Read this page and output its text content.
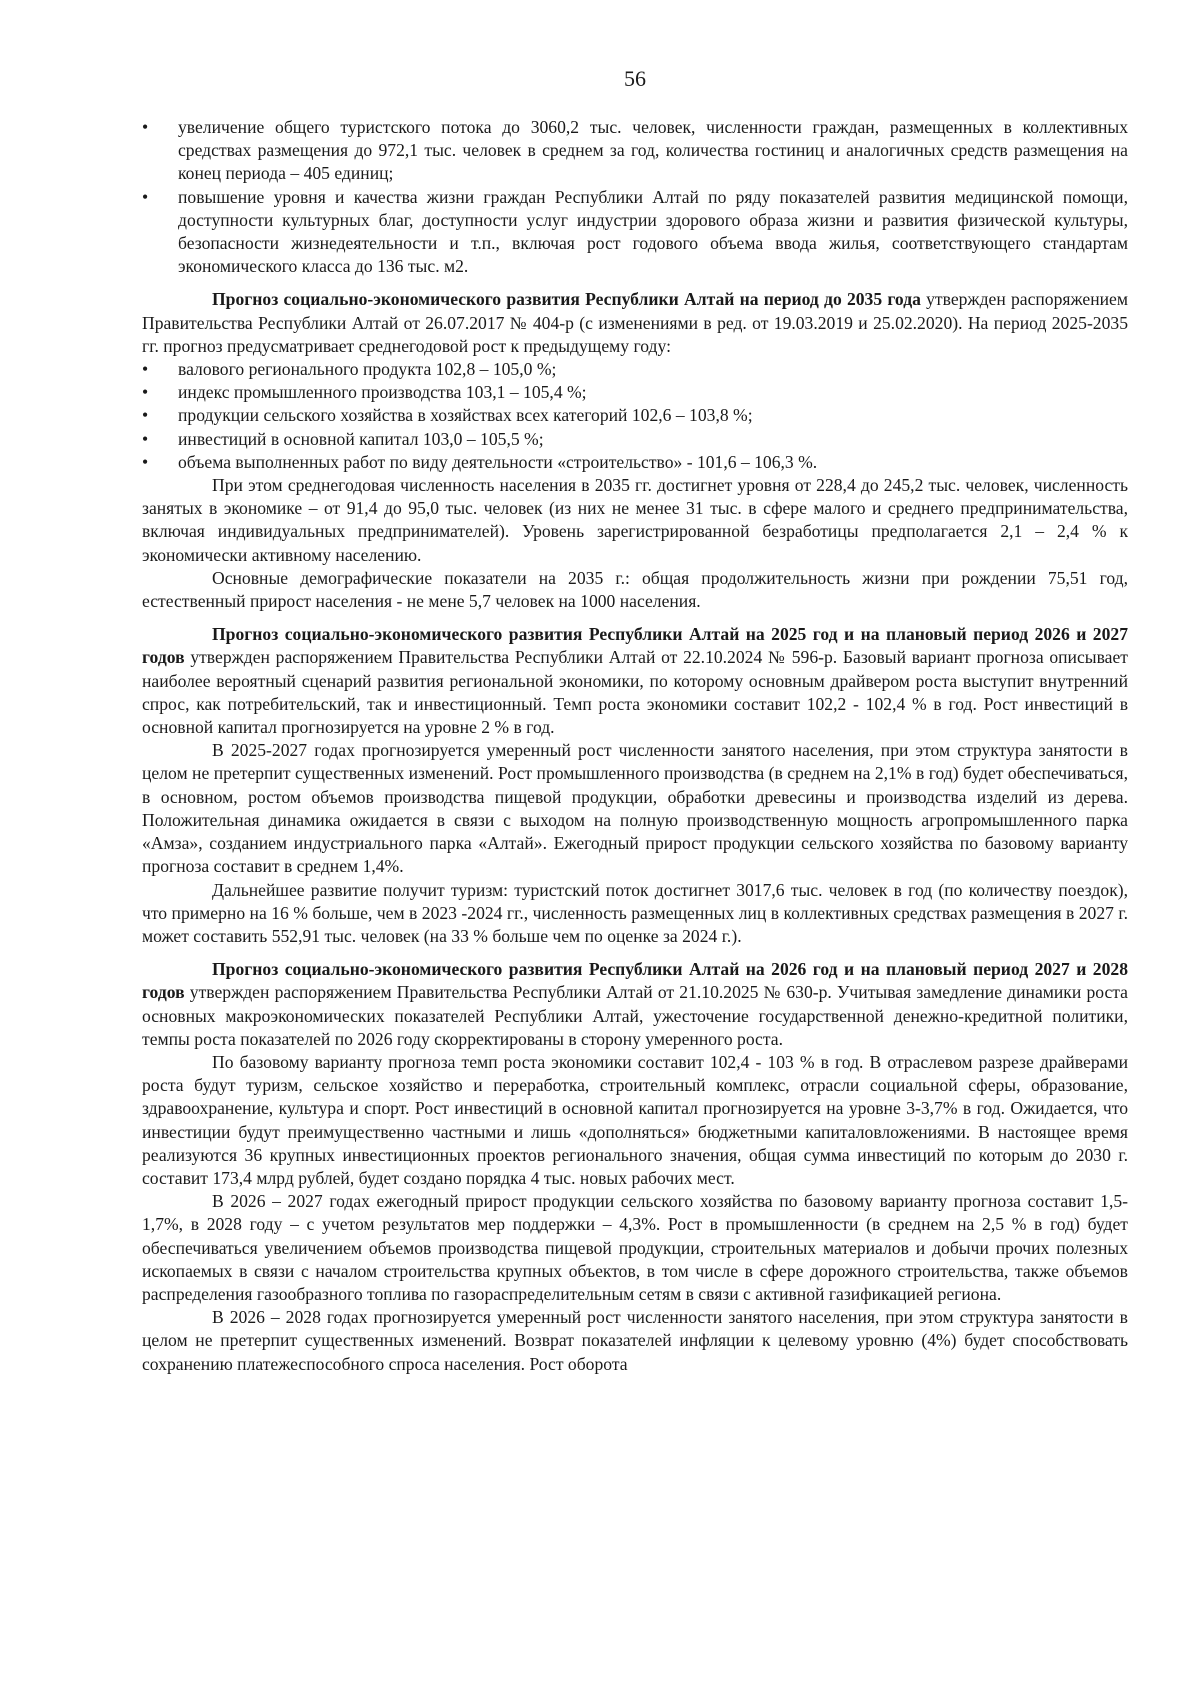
56
• увеличение общего туристского потока до 3060,2 тыс. человек, численности граждан, размещенных в коллективных средствах размещения до 972,1 тыс. человек в среднем за год, количества гостиниц и аналогичных средств размещения на конец периода – 405 единиц;
• повышение уровня и качества жизни граждан Республики Алтай по ряду показателей развития медицинской помощи, доступности культурных благ, доступности услуг индустрии здорового образа жизни и развития физической культуры, безопасности жизнедеятельности и т.п., включая рост годового объема ввода жилья, соответствующего стандартам экономического класса до 136 тыс. м2.

Прогноз социально-экономического развития Республики Алтай на период до 2035 года утвержден распоряжением Правительства Республики Алтай от 26.07.2017 № 404-р (с изменениями в ред. от 19.03.2019 и 25.02.2020). На период 2025-2035 гг. прогноз предусматривает среднегодовой рост к предыдущему году:

• валового регионального продукта 102,8 – 105,0 %;
• индекс промышленного производства 103,1 – 105,4 %;
• продукции сельского хозяйства в хозяйствах всех категорий 102,6 – 103,8 %;
• инвестиций в основной капитал 103,0 – 105,5 %;
• объема выполненных работ по виду деятельности «строительство» - 101,6 – 106,3 %.

При этом среднегодовая численность населения в 2035 гг. достигнет уровня от 228,4 до 245,2 тыс. человек, численность занятых в экономике – от 91,4 до 95,0 тыс. человек (из них не менее 31 тыс. в сфере малого и среднего предпринимательства, включая индивидуальных предпринимателей). Уровень зарегистрированной безработицы предполагается 2,1 – 2,4 % к экономически активному населению.

Основные демографические показатели на 2035 г.: общая продолжительность жизни при рождении 75,51 год, естественный прирост населения - не мене 5,7 человек на 1000 населения.

Прогноз социально-экономического развития Республики Алтай на 2025 год и на плановый период 2026 и 2027 годов утвержден распоряжением Правительства Республики Алтай от 22.10.2024 № 596-р. Базовый вариант прогноза описывает наиболее вероятный сценарий развития региональной экономики, по которому основным драйвером роста выступит внутренний спрос, как потребительский, так и инвестиционный. Темп роста экономики составит 102,2 - 102,4 % в год. Рост инвестиций в основной капитал прогнозируется на уровне 2 % в год.

В 2025-2027 годах прогнозируется умеренный рост численности занятого населения, при этом структура занятости в целом не претерпит существенных изменений. Рост промышленного производства (в среднем на 2,1% в год) будет обеспечиваться, в основном, ростом объемов производства пищевой продукции, обработки древесины и производства изделий из дерева. Положительная динамика ожидается в связи с выходом на полную производственную мощность агропромышленного парка «Амза», созданием индустриального парка «Алтай». Ежегодный прирост продукции сельского хозяйства по базовому варианту прогноза составит в среднем 1,4%.

Дальнейшее развитие получит туризм: туристский поток достигнет 3017,6 тыс. человек в год (по количеству поездок), что примерно на 16 % больше, чем в 2023 -2024 гг., численность размещенных лиц в коллективных средствах размещения в 2027 г. может составить 552,91 тыс. человек (на 33 % больше чем по оценке за 2024 г.).

Прогноз социально-экономического развития Республики Алтай на 2026 год и на плановый период 2027 и 2028 годов утвержден распоряжением Правительства Республики Алтай от 21.10.2025 № 630-р. Учитывая замедление динамики роста основных макроэкономических показателей Республики Алтай, ужесточение государственной денежно-кредитной политики, темпы роста показателей по 2026 году скорректированы в сторону умеренного роста.

По базовому варианту прогноза темп роста экономики составит 102,4 - 103 % в год. В отраслевом разрезе драйверами роста будут туризм, сельское хозяйство и переработка, строительный комплекс, отрасли социальной сферы, образование, здравоохранение, культура и спорт. Рост инвестиций в основной капитал прогнозируется на уровне 3-3,7% в год. Ожидается, что инвестиции будут преимущественно частными и лишь «дополняться» бюджетными капиталовложениями. В настоящее время реализуются 36 крупных инвестиционных проектов регионального значения, общая сумма инвестиций по которым до 2030 г. составит 173,4 млрд рублей, будет создано порядка 4 тыс. новых рабочих мест.

В 2026 – 2027 годах ежегодный прирост продукции сельского хозяйства по базовому варианту прогноза составит 1,5-1,7%, в 2028 году – с учетом результатов мер поддержки – 4,3%. Рост в промышленности (в среднем на 2,5 % в год) будет обеспечиваться увеличением объемов производства пищевой продукции, строительных материалов и добычи прочих полезных ископаемых в связи с началом строительства крупных объектов, в том числе в сфере дорожного строительства, также объемов распределения газообразного топлива по газораспределительным сетям в связи с активной газификацией региона.

В 2026 – 2028 годах прогнозируется умеренный рост численности занятого населения, при этом структура занятости в целом не претерпит существенных изменений. Возврат показателей инфляции к целевому уровню (4%) будет способствовать сохранению платежеспособного спроса населения. Рост оборота
